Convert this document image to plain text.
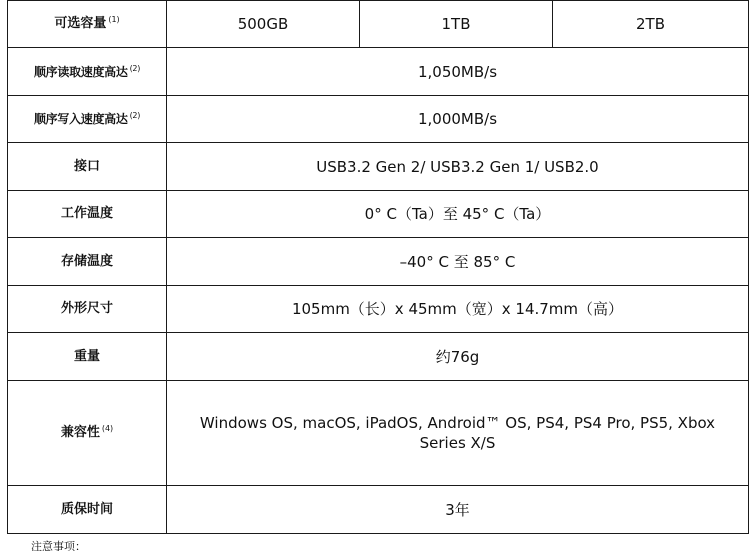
可选容量 $^{(1)}$	500GB	1TB	2TB
顺序读取速度高达 $^{(2)}$	1,050MB/s		
顺序写入速度高达 $^{(2)}$	1,000MB/s		
接口	USB3.2 Gen 2/ USB3.2 Gen 1/ USB2.0		
工作温度	0° C（Ta）至 45° C（Ta）		
存储温度	–40° C 至 85° C		
外形尺寸	105mm（长）x 45mm（宽）x 14.7mm（高）		
重量	约76g		
兼容性 $^{(4)}$	Windows OS, macOS, iPadOS, Android™ OS, PS4, PS4 Pro, PS5, Xbox Series X/S		
质保时间	3年		
注意事项：
